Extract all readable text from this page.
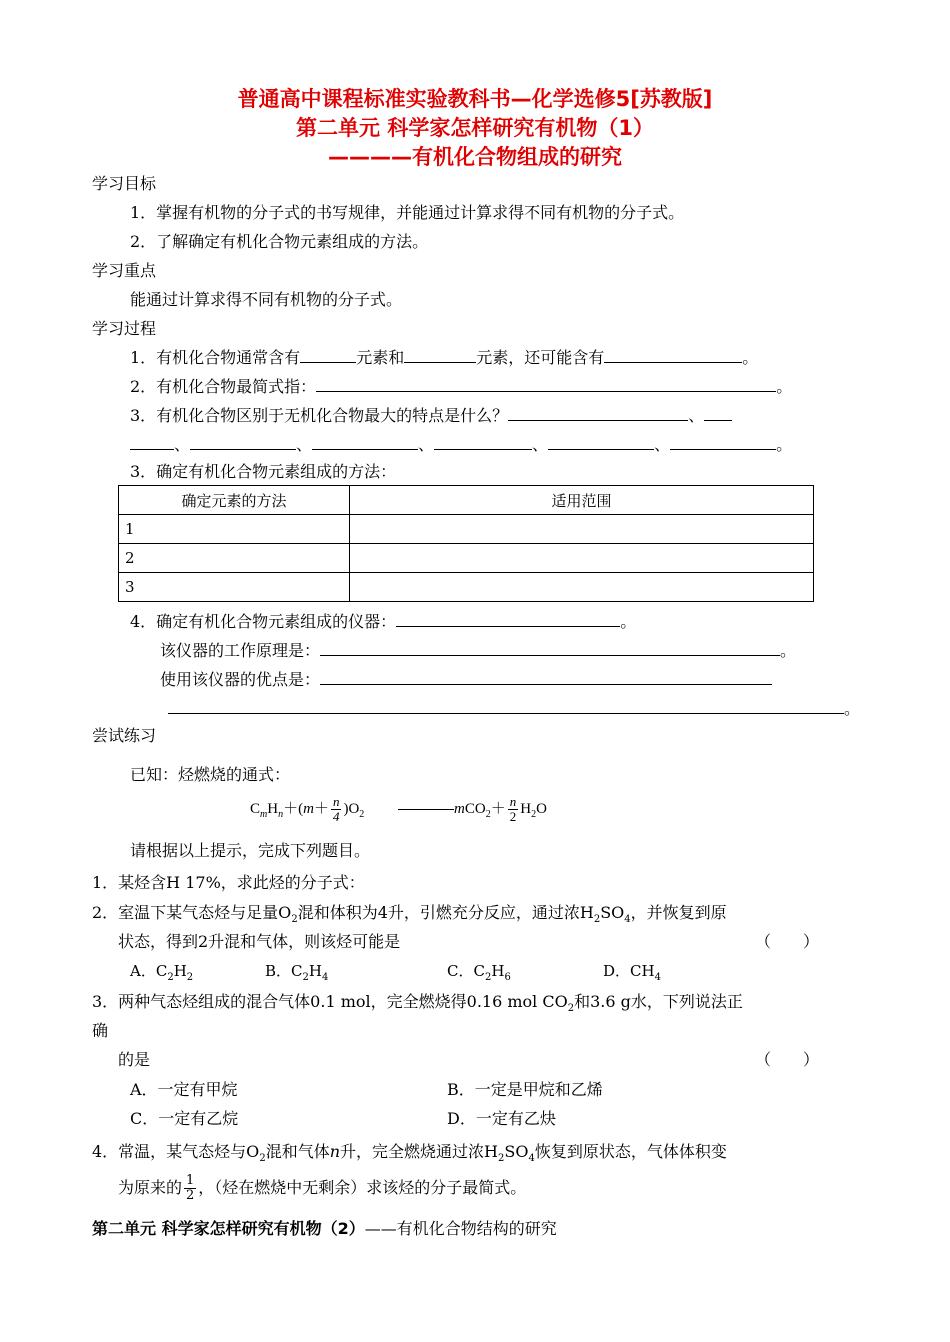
普通高中课程标准实验教科书—化学选修5[苏教版]
第二单元 科学家怎样研究有机物（1）
————有机化合物组成的研究
学习目标
1．掌握有机物的分子式的书写规律，并能通过计算求得不同有机物的分子式。
2．了解确定有机化合物元素组成的方法。
学习重点
能通过计算求得不同有机物的分子式。
学习过程
1．有机化合物通常含有	元素和	元素，还可能含有	。
2．有机化合物最简式指：	。
3．有机化合物区别于无机化合物最大的特点是什么？	、
、	、	、	、	、	。
3．确定有机化合物元素组成的方法：
确定元素的方法	适用范围
1	
2	
3	
4．确定有机化合物元素组成的仪器：	。
该仪器的工作原理是：	。
使用该仪器的优点是：
。
尝试练习
已知：烃燃烧的通式：
$C_mH_n+(m+ \frac{n}{4} )O_2$	$mCO_2+ \frac{n}{2} H_2O$
请根据以上提示，完成下列题目。
1．某烃含H 17%，求此烃的分子式：
2．室温下某气态烃与足量$O_2$混和体积为4升，引燃充分反应，通过浓$H_2SO_4$，并恢复到原
状态，得到2升混和气体，则该烃可能是	（　　）
A．$C_2H_2$	B．$C_2H_4$	C．$C_2H_6$	D．$CH_4$
3．两种气态烃组成的混合气体0.1 mol，完全燃烧得0.16 mol $CO_2$和3.6 g水，下列说法正
确
的是	（　　）
A．一定有甲烷	B．一定是甲烷和乙烯
C．一定有乙烷	D．一定有乙炔
4．常温，某气态烃与$O_2$混和气体n升，完全燃烧通过浓$H_2SO_4$恢复到原状态，气体体积变
为原来的 $\frac{1}{2}$ ，（烃在燃烧中无剩余）求该烃的分子最简式。
第二单元 科学家怎样研究有机物（2）——有机化合物结构的研究
